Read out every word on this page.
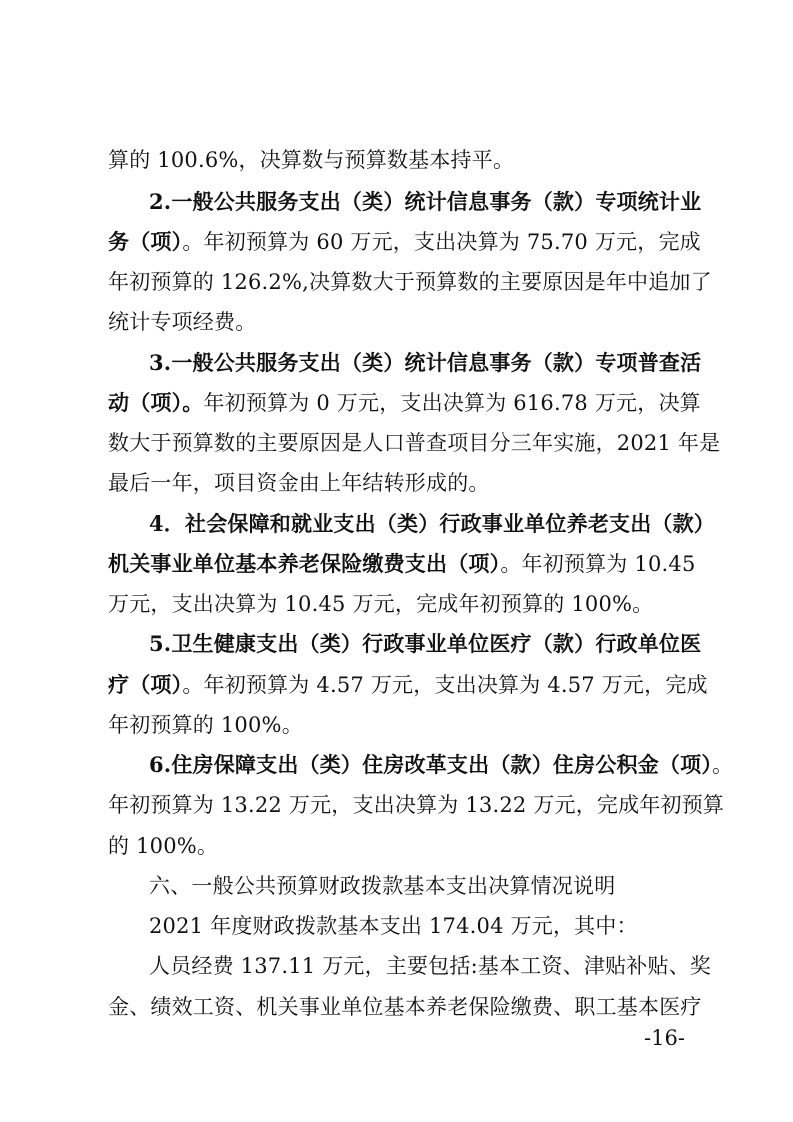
算的 100.6%，决算数与预算数基本持平。
2.一般公共服务支出（类）统计信息事务（款）专项统计业
务（项）。年初预算为 60 万元，支出决算为 75.70 万元，完成
年初预算的 126.2%,决算数大于预算数的主要原因是年中追加了
统计专项经费。
3.一般公共服务支出（类）统计信息事务（款）专项普查活
动（项）。年初预算为 0 万元，支出决算为 616.78 万元，决算
数大于预算数的主要原因是人口普查项目分三年实施，2021 年是
最后一年，项目资金由上年结转形成的。
4．社会保障和就业支出（类）行政事业单位养老支出（款）
机关事业单位基本养老保险缴费支出（项）。年初预算为 10.45
万元，支出决算为 10.45 万元，完成年初预算的 100%。
5.卫生健康支出（类）行政事业单位医疗（款）行政单位医
疗（项）。年初预算为 4.57 万元，支出决算为 4.57 万元，完成
年初预算的 100%。
6.住房保障支出（类）住房改革支出（款）住房公积金（项）。
年初预算为 13.22 万元，支出决算为 13.22 万元，完成年初预算
的 100%。
六、一般公共预算财政拨款基本支出决算情况说明
2021 年度财政拨款基本支出 174.04 万元，其中：
人员经费 137.11 万元，主要包括:基本工资、津贴补贴、奖
金、绩效工资、机关事业单位基本养老保险缴费、职工基本医疗
-16-
